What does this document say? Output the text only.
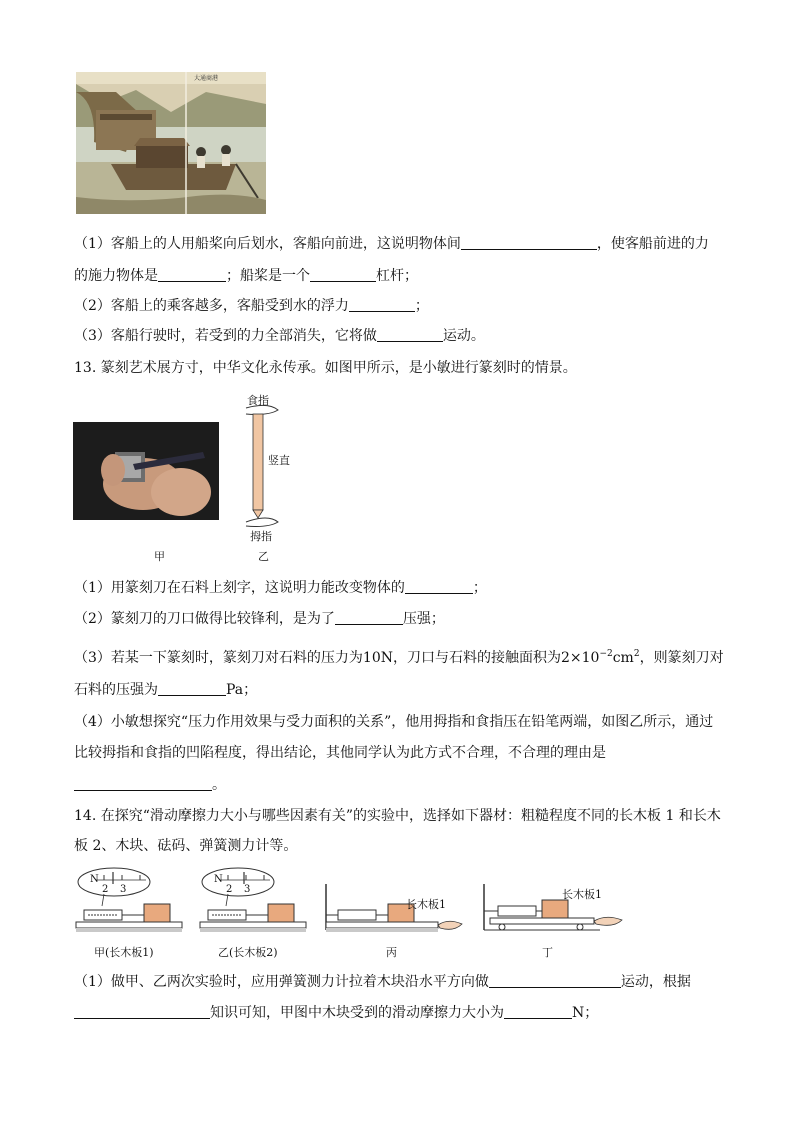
大通商港
（1）客船上的人用船桨向后划水，客船向前进，这说明物体间	，使客船前进的力
的施力物体是	；船桨是一个	杠杆；
（2）客船上的乘客越多，客船受到水的浮力	；
（3）客船行驶时，若受到的力全部消失，它将做	运动。
13. 篆刻艺术展方寸，中华文化永传承。如图甲所示，是小敏进行篆刻时的情景。
食指
竖直
拇指
甲	乙
（1）用篆刻刀在石料上刻字，这说明力能改变物体的	；
（2）篆刻刀的刀口做得比较锋利，是为了	压强；
（3）若某一下篆刻时，篆刻刀对石料的压力为10N，刀口与石料的接触面积为$2\times 10^{-2}cm^2$，则篆刻刀对
石料的压强为	Pa；
（4）小敏想探究“压力作用效果与受力面积的关系”，他用拇指和食指压在铅笔两端，如图乙所示，通过
比较拇指和食指的凹陷程度，得出结论，其他同学认为此方式不合理，不合理的理由是
。
14. 在探究“滑动摩擦力大小与哪些因素有关”的实验中，选择如下器材：粗糙程度不同的长木板 1 和长木
板 2、木块、砝码、弹簧测力计等。
N
2 3
甲(长木板1)
N
2 3
乙(长木板2)
长木板1
丙
长木板1
丁
（1）做甲、乙两次实验时，应用弹簧测力计拉着木块沿水平方向做	运动，根据
知识可知，甲图中木块受到的滑动摩擦力大小为	N；
